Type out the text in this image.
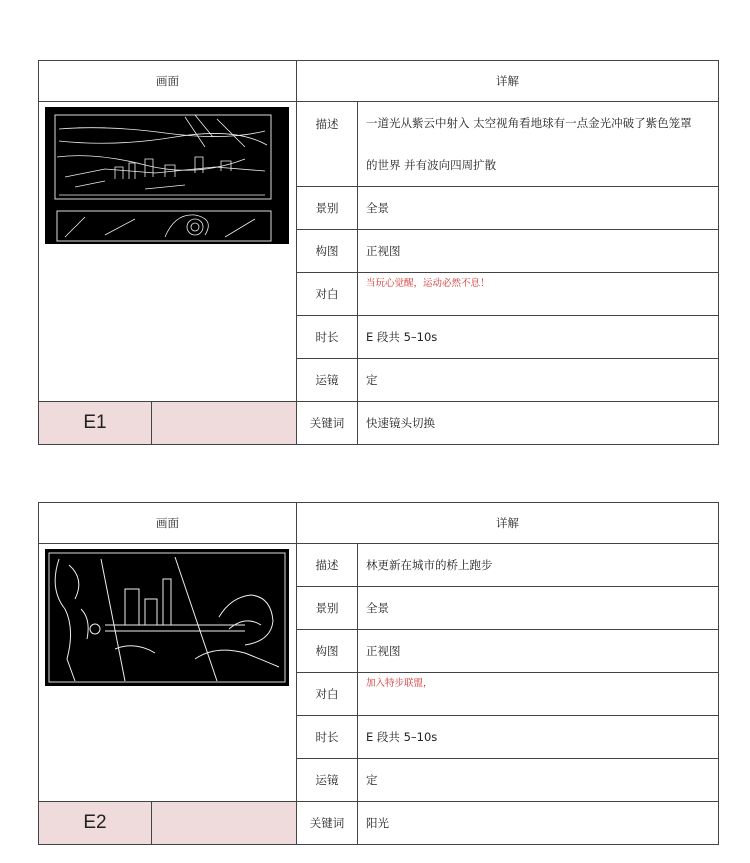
画面		详解	

	描述	一道光从紫云中射入 太空视角看地球有一点金光冲破了紫色笼罩
的世界 并有波向四周扩散

		景别	全景
		构图	正视图
		对白	当玩心觉醒，运动必然不息！
		时长	E 段共 5–10s
		运镜	定
E1		关键词	快速镜头切换
画面		详解	

	描述	林更新在城市的桥上跑步
		景别	全景
		构图	正视图
		对白	加入特步联盟，
		时长	E 段共 5–10s
		运镜	定
E2		关键词	阳光
